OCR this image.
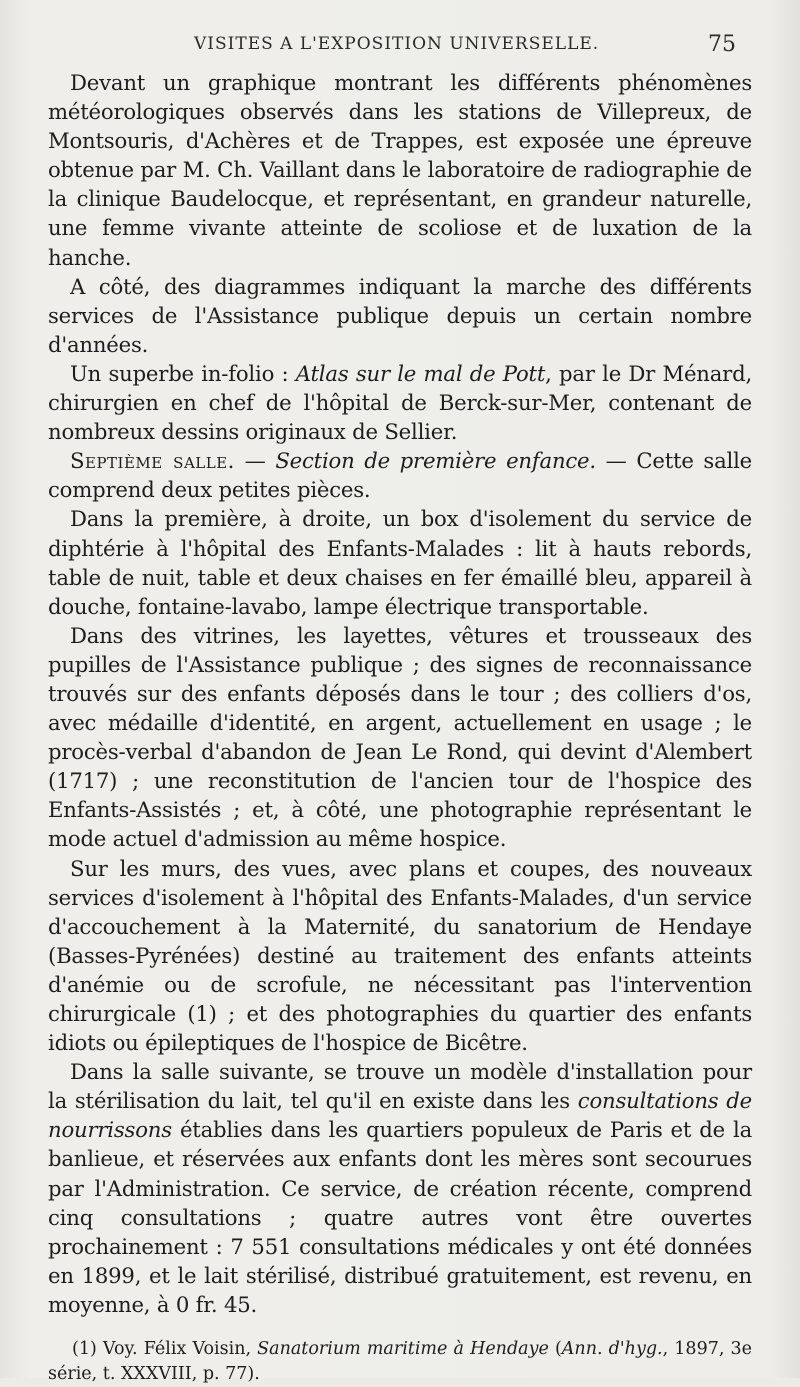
VISITES A L'EXPOSITION UNIVERSELLE.	75

Devant un graphique montrant les différents phénomènes météorologiques observés dans les stations de Villepreux, de Montsouris, d'Achères et de Trappes, est exposée une épreuve obtenue par M. Ch. Vaillant dans le laboratoire de radiographie de la clinique Baudelocque, et représentant, en grandeur naturelle, une femme vivante atteinte de scoliose et de luxation de la hanche.

A côté, des diagrammes indiquant la marche des différents services de l'Assistance publique depuis un certain nombre d'années.

Un superbe in-folio : Atlas sur le mal de Pott, par le Dr Ménard, chirurgien en chef de l'hôpital de Berck-sur-Mer, contenant de nombreux dessins originaux de Sellier.

Septième salle. — Section de première enfance. — Cette salle comprend deux petites pièces.

Dans la première, à droite, un box d'isolement du service de diphtérie à l'hôpital des Enfants-Malades : lit à hauts rebords, table de nuit, table et deux chaises en fer émaillé bleu, appareil à douche, fontaine-lavabo, lampe électrique transportable.

Dans des vitrines, les layettes, vêtures et trousseaux des pupilles de l'Assistance publique ; des signes de reconnaissance trouvés sur des enfants déposés dans le tour ; des colliers d'os, avec médaille d'identité, en argent, actuellement en usage ; le procès-verbal d'abandon de Jean Le Rond, qui devint d'Alembert (1717) ; une reconstitution de l'ancien tour de l'hospice des Enfants-Assistés ; et, à côté, une photographie représentant le mode actuel d'admission au même hospice.

Sur les murs, des vues, avec plans et coupes, des nouveaux services d'isolement à l'hôpital des Enfants-Malades, d'un service d'accouchement à la Maternité, du sanatorium de Hendaye (Basses-Pyrénées) destiné au traitement des enfants atteints d'anémie ou de scrofule, ne nécessitant pas l'intervention chirurgicale (1) ; et des photographies du quartier des enfants idiots ou épileptiques de l'hospice de Bicêtre.

Dans la salle suivante, se trouve un modèle d'installation pour la stérilisation du lait, tel qu'il en existe dans les consultations de nourrissons établies dans les quartiers populeux de Paris et de la banlieue, et réservées aux enfants dont les mères sont secourues par l'Administration. Ce service, de création récente, comprend cinq consultations ; quatre autres vont être ouvertes prochainement : 7 551 consultations médicales y ont été données en 1899, et le lait stérilisé, distribué gratuitement, est revenu, en moyenne, à 0 fr. 45.

(1) Voy. Félix Voisin, Sanatorium maritime à Hendaye (Ann. d'hyg., 1897, 3e série, t. XXXVIII, p. 77).
